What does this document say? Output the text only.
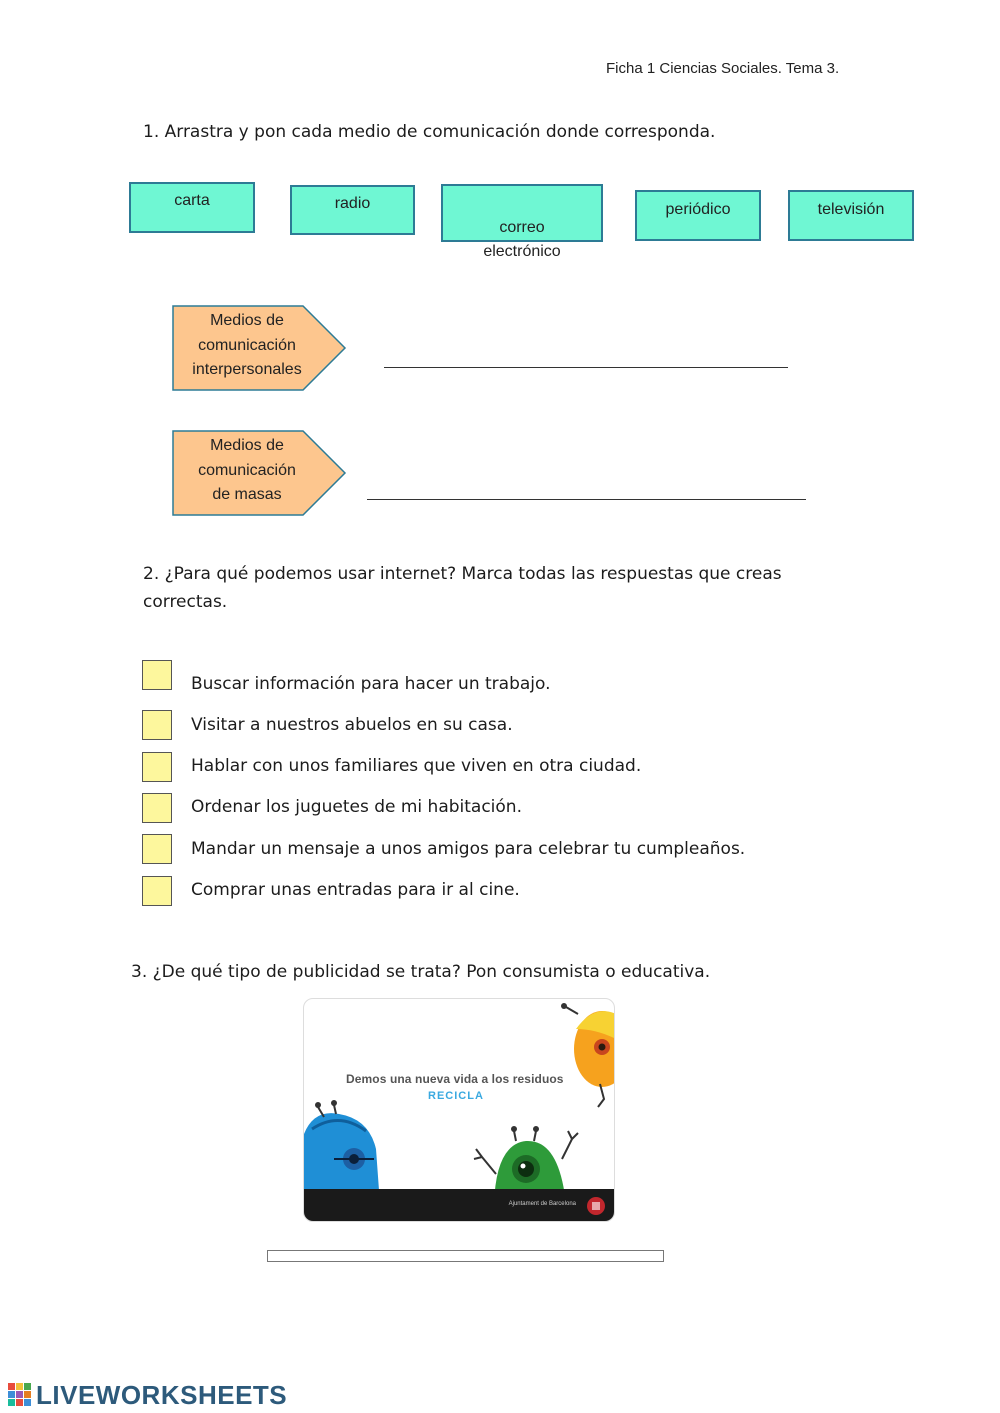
Ficha 1 Ciencias Sociales. Tema 3.
1. Arrastra y pon cada medio de comunicación donde corresponda.
carta	radio

correo
electrónico

periódico	televisión
Medios de
comunicación
interpersonales
Medios de
comunicación
de masas
2. ¿Para qué podemos usar internet? Marca todas las respuestas que creas correctas.
Buscar información para hacer un trabajo.
Visitar a nuestros abuelos en su casa.
Hablar con unos familiares que viven en otra ciudad.
Ordenar los juguetes de mi habitación.
Mandar un mensaje a unos amigos para celebrar tu cumpleaños.
Comprar unas entradas para ir al cine.
3. ¿De qué tipo de publicidad se trata? Pon consumista o educativa.
Demos una nueva vida a los residuos
RECICLA
Ajuntament de Barcelona
LIVEWORKSHEETS
